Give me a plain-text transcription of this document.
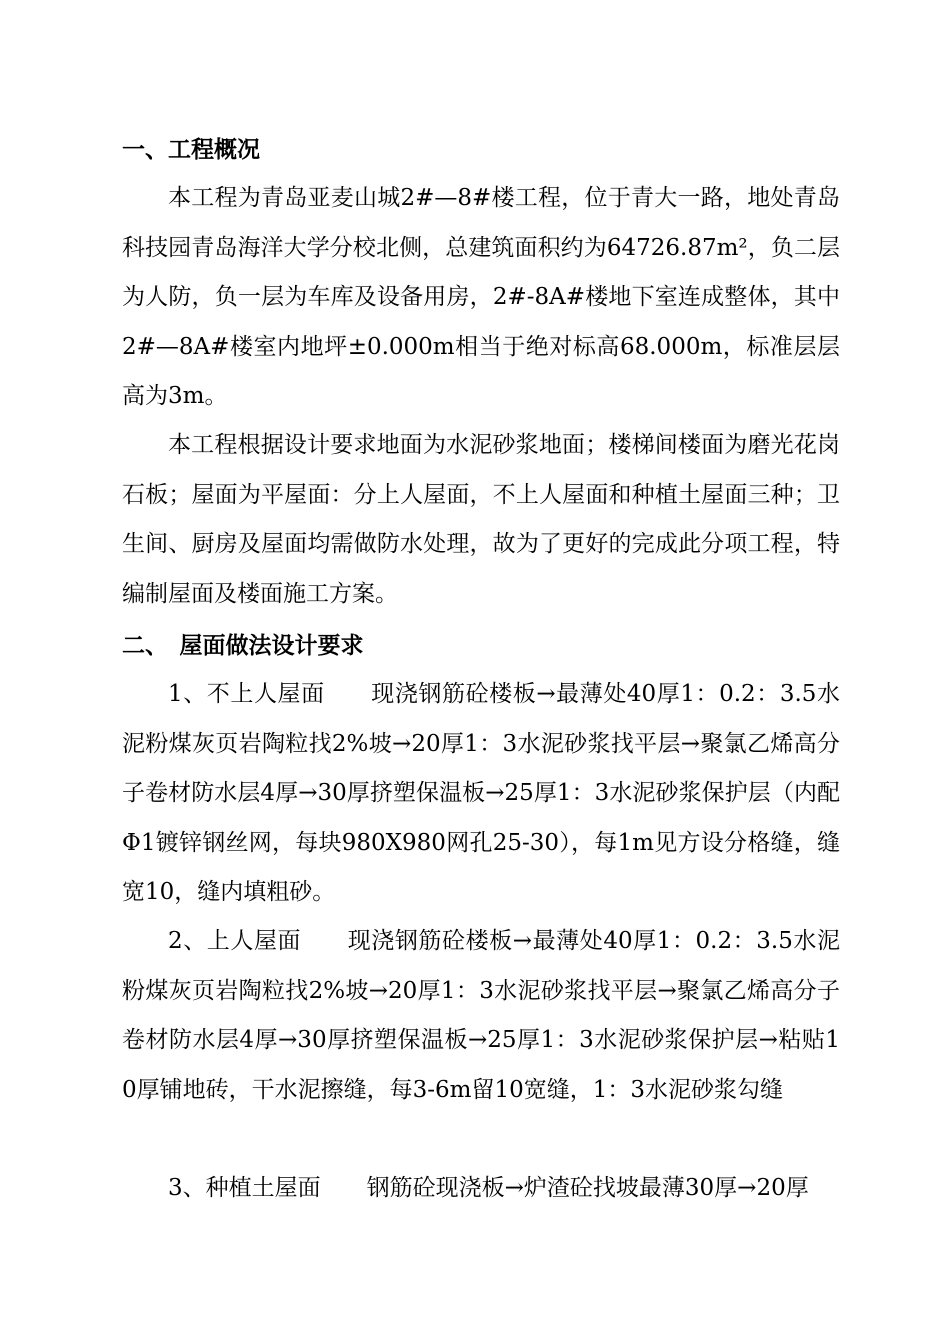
一、工程概况

本工程为青岛亚麦山城2#—8#楼工程，位于青大一路，地处青岛科技园青岛海洋大学分校北侧，总建筑面积约为64726.87m²，负二层为人防，负一层为车库及设备用房，2#-8A#楼地下室连成整体，其中2#—8A#楼室内地坪±0.000m相当于绝对标高68.000m，标准层层高为3m。

本工程根据设计要求地面为水泥砂浆地面；楼梯间楼面为磨光花岗石板；屋面为平屋面：分上人屋面，不上人屋面和种植土屋面三种；卫生间、厨房及屋面均需做防水处理，故为了更好的完成此分项工程，特编制屋面及楼面施工方案。

二、　屋面做法设计要求

1、不上人屋面 现浇钢筋砼楼板→最薄处40厚1：0.2：3.5水泥粉煤灰页岩陶粒找2%坡→20厚1：3水泥砂浆找平层→聚氯乙烯高分子卷材防水层4厚→30厚挤塑保温板→25厚1：3水泥砂浆保护层（内配Φ1镀锌钢丝网，每块980X980网孔25-30），每1m见方设分格缝，缝宽10，缝内填粗砂。

2、上人屋面 现浇钢筋砼楼板→最薄处40厚1：0.2：3.5水泥粉煤灰页岩陶粒找2%坡→20厚1：3水泥砂浆找平层→聚氯乙烯高分子卷材防水层4厚→30厚挤塑保温板→25厚1：3水泥砂浆保护层→粘贴10厚铺地砖，干水泥擦缝，每3-6m留10宽缝，1：3水泥砂浆勾缝

3、种植土屋面 钢筋砼现浇板→炉渣砼找坡最薄30厚→20厚
